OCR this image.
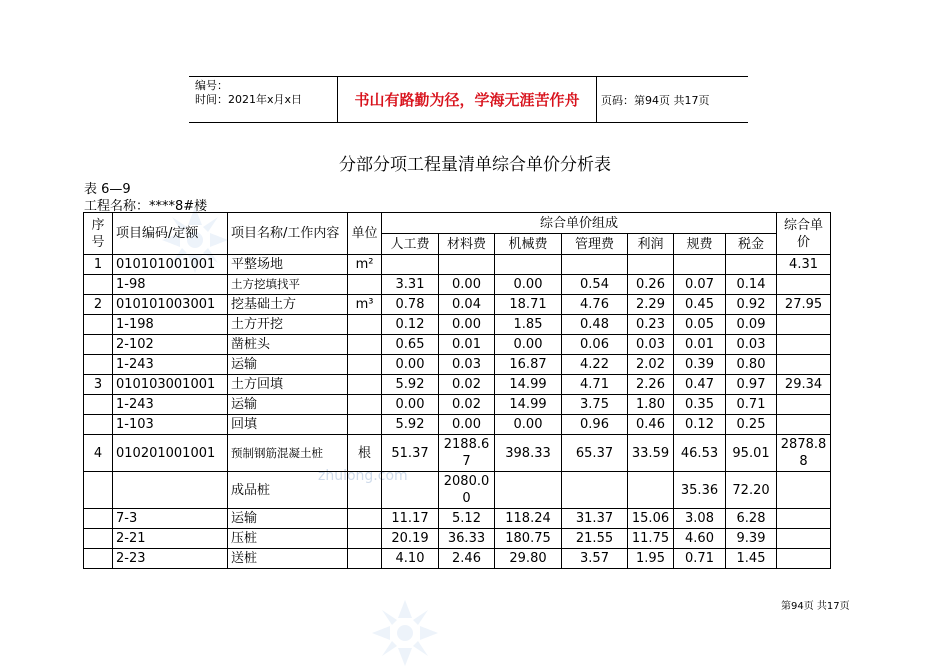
zhulong.com
编号：
时间：2021年x月x日	书山有路勤为径，学海无涯苦作舟	页码：第94页 共17页
分部分项工程量清单综合单价分析表
表 6—9
工程名称：****8#楼
序号	项目编码/定额	项目名称/工作内容	单位	综合单价组成							综合单价
				人工费	材料费	机械费	管理费	利润	规费	税金	
1	010101001001	平整场地	m²								4.31
	1-98	土方挖填找平		3.31	0.00	0.00	0.54	0.26	0.07	0.14	
2	010101003001	挖基础土方	m³	0.78	0.04	18.71	4.76	2.29	0.45	0.92	27.95
	1-198	土方开挖		0.12	0.00	1.85	0.48	0.23	0.05	0.09	
	2-102	凿桩头		0.65	0.01	0.00	0.06	0.03	0.01	0.03	
	1-243	运输		0.00	0.03	16.87	4.22	2.02	0.39	0.80	
3	010103001001	土方回填		5.92	0.02	14.99	4.71	2.26	0.47	0.97	29.34
	1-243	运输		0.00	0.02	14.99	3.75	1.80	0.35	0.71	
	1-103	回填		5.92	0.00	0.00	0.96	0.46	0.12	0.25	
4	010201001001	预制钢筋混凝土桩	根	51.37	2188.67	398.33	65.37	33.59	46.53	95.01	2878.88
		成品桩			2080.00				35.36	72.20	
	7-3	运输		11.17	5.12	118.24	31.37	15.06	3.08	6.28	
	2-21	压桩		20.19	36.33	180.75	21.55	11.75	4.60	9.39	
	2-23	送桩		4.10	2.46	29.80	3.57	1.95	0.71	1.45	
第94页 共17页
